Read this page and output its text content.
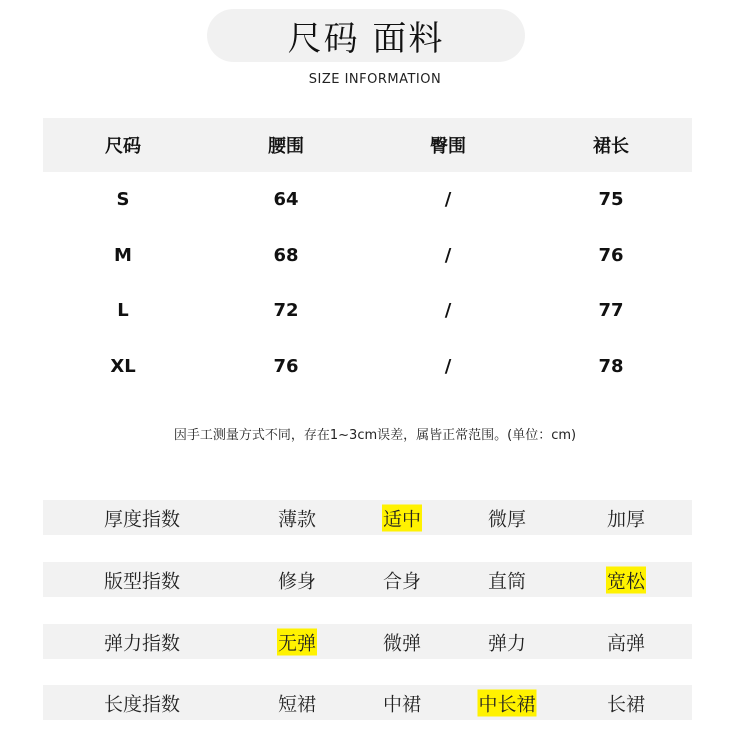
尺码 面料
SIZE INFORMATION
尺码	腰围	臀围	裙长
S	64	/	75
M	68	/	76
L	72	/	77
XL	76	/	78
因手工测量方式不同，存在1~3cm误差，属皆正常范围。(单位：cm)
厚度指数	薄款	适中	微厚	加厚
版型指数	修身	合身	直筒	宽松
弹力指数	无弹	微弹	弹力	高弹
长度指数	短裙	中裙	中长裙	长裙
